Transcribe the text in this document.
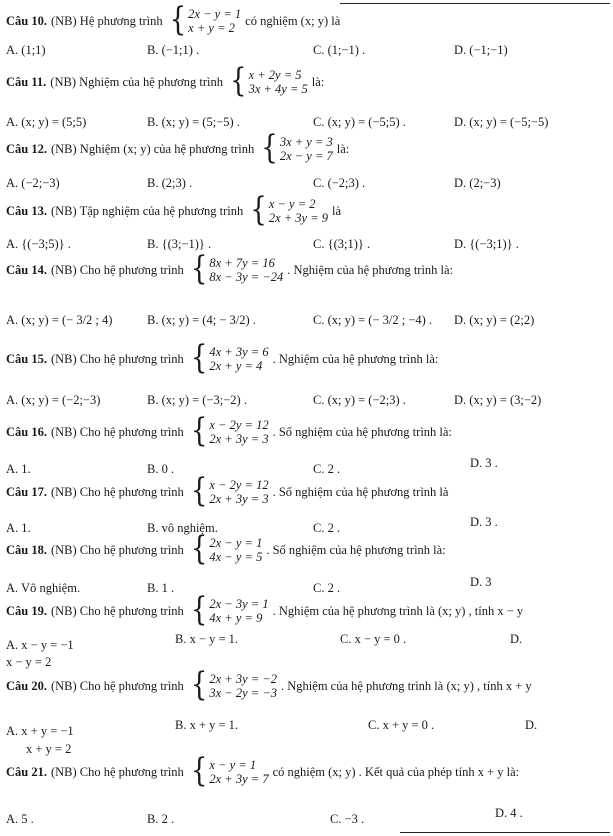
Câu 10. (NB) Hệ phương trình { 2x − y = 1
x + y = 2
có nghiệm (x; y) là
A. (1;1)	B. (−1;1) .	C. (1;−1) .	D. (−1;−1)
Câu 11. (NB) Nghiệm của hệ phương trình { x + 2y = 5
3x + 4y = 5
là:
A. (x; y) = (5;5)	B. (x; y) = (5;−5) .	C. (x; y) = (−5;5) .	D. (x; y) = (−5;−5)
Câu 12. (NB) Nghiệm (x; y) của hệ phương trình { 3x + y = 3
2x − y = 7
là:
A. (−2;−3)	B. (2;3) .	C. (−2;3) .	D. (2;−3)
Câu 13. (NB) Tập nghiệm của hệ phương trình { x − y = 2
2x + 3y = 9
là
A. {(−3;5)} .	B. {(3;−1)} .	C. {(3;1)} .	D. {(−3;1)} .
Câu 14. (NB) Cho hệ phương trình { 8x + 7y = 16
8x − 3y = −24
. Nghiệm của hệ phương trình là:
A. (x; y) = (− 3/2 ; 4)	B. (x; y) = (4; − 3/2) .	C. (x; y) = (− 3/2 ; −4) . D. (x; y) = (2;2)
Câu 15. (NB) Cho hệ phương trình { 4x + 3y = 6
2x + y = 4
. Nghiệm của hệ phương trình là:
A. (x; y) = (−2;−3)	B. (x; y) = (−3;−2) .	C. (x; y) = (−2;3) .	D. (x; y) = (3;−2)
Câu 16. (NB) Cho hệ phương trình { x − 2y = 12
2x + 3y = 3
. Số nghiệm của hệ phương trình là:
A. 1.	B. 0 .	C. 2 .	D. 3 .
Câu 17. (NB) Cho hệ phương trình { x − 2y = 12
2x + 3y = 3
. Số nghiệm của hệ phương trình là
A. 1.	B. vô nghiệm.	C. 2 .	D. 3 .
Câu 18. (NB) Cho hệ phương trình { 2x − y = 1
4x − y = 5
. Số nghiệm của hệ phương trình là:
A. Vô nghiệm.	B. 1 .	C. 2 .	D. 3
Câu 19. (NB) Cho hệ phương trình { 2x − 3y = 1
4x + y = 9
. Nghiệm của hệ phương trình là (x; y) , tính x − y
A. x − y = −1	B. x − y = 1.	C. x − y = 0 .	D.
x − y = 2
Câu 20. (NB) Cho hệ phương trình { 2x + 3y = −2
3x − 2y = −3
. Nghiệm của hệ phương trình là (x; y) , tính x + y
A. x + y = −1	B. x + y = 1.	C. x + y = 0 .	D.
x + y = 2
Câu 21. (NB) Cho hệ phương trình { x − y = 1
2x + 3y = 7
có nghiệm (x; y) . Kết quả của phép tính x + y là:
A. 5 .	B. 2 .	C. −3 .	D. 4 .
